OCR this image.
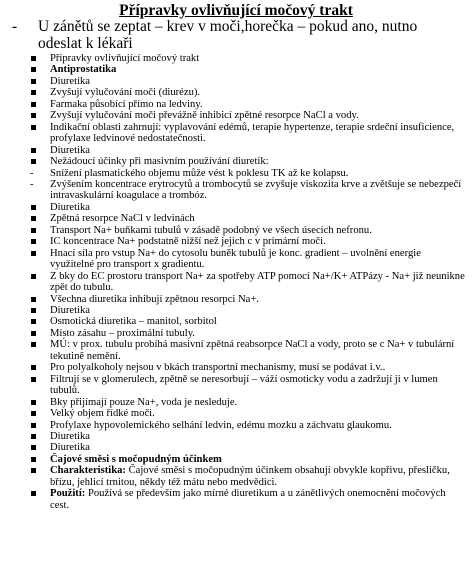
Přípravky ovlivňující močový trakt
- U zánětů se zeptat – krev v moči,horečka – pokud ano, nutno odeslat k lékaři
Přípravky ovlivňující močový trakt
Antiprostatika
Diuretika
Zvyšují vylučování moči (diurézu).
Farmaka působící přímo na ledviny.
Zvyšují vylučování moči převážně inhibicí zpětné resorpce NaCl a vody.
Indikační oblasti zahrnují: vyplavování edémů, terapie hypertenze, terapie srdeční insuficience, profylaxe ledvinové nedostatečnosti.
Diuretika
Nežádoucí účinky při masivním používání diuretik:
- Snížení plasmatického objemu může vést k poklesu TK až ke kolapsu.
- Zvýšením koncentrace erytrocytů a trombocytů se zvyšuje viskozita krve a zvětšuje se nebezpečí intravaskulární koagulace a trombóz.
Diuretika
Zpětná resorpce NaCl v ledvinách
Transport Na+ buňkami tubulů v zásadě podobný ve všech úsecích nefronu.
IC koncentrace Na+ podstatně nižší než jejich c v primární moči.
Hnací síla pro vstup Na+ do cytosolu buněk tubulů je konc. gradient – uvolnění energie využitelné pro transport x gradientu.
Z bky do EC prostoru transport Na+ za spotřeby ATP pomocí Na+/K+ ATPázy - Na+ již neunikne zpět do tubulu.
Všechna diuretika inhibují zpětnou resorpci Na+.
Diuretika
Osmotická diuretika – manitol, sorbitol
Místo zásahu – proximální tubuly.
MÚ: v prox. tubulu probíhá masivní zpětná reabsorpce NaCl a vody, proto se c Na+ v tubulární tekutině nemění.
Pro polyalkoholy nejsou v bkách transportní mechanismy, musí se podávat i.v..
Filtrují se v glomerulech, zpětně se neresorbují – váží osmoticky vodu a zadržují ji v lumen tubulů.
Bky přijímají pouze Na+, voda je nesleduje.
Velký objem řídké moči.
Profylaxe hypovolemického selhání ledvin, edému mozku a záchvatu glaukomu.
Diuretika
Diuretika
Čajové směsi s močopudným účinkem
Charakteristika: Čajové směsi s močopudným účinkem obsahují obvykle kopřivu, přesličku, břízu, jehlicí trnitou, někdy též mátu nebo medvědici.
Použití: Používá se především jako mírné diuretikum a u zánětlivých onemocnění močových cest.
